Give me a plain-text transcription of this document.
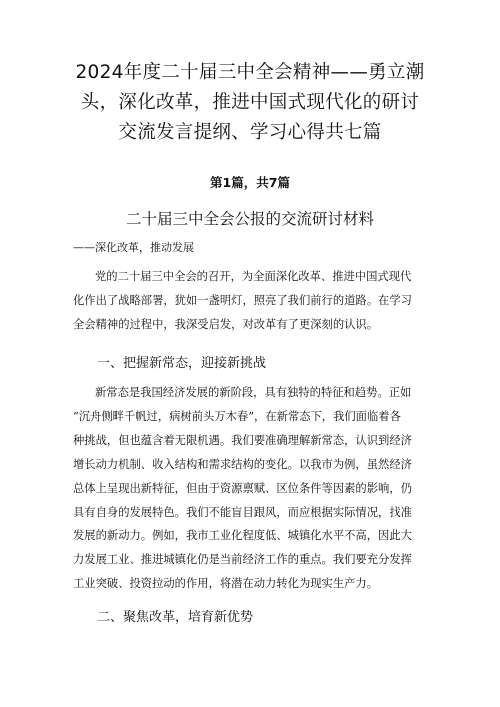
2024年度二十届三中全会精神——勇立潮
头，深化改革，推进中国式现代化的研讨
交流发言提纲、学习心得共七篇
第1篇，共7篇
二十届三中全会公报的交流研讨材料
——深化改革，推动发展
党的二十届三中全会的召开，为全面深化改革、推进中国式现代
化作出了战略部署，犹如一盏明灯，照亮了我们前行的道路。在学习
全会精神的过程中，我深受启发，对改革有了更深刻的认识。
一、把握新常态，迎接新挑战
新常态是我国经济发展的新阶段，具有独特的特征和趋势。正如
“沉舟侧畔千帆过，病树前头万木春”，在新常态下，我们面临着各
种挑战，但也蕴含着无限机遇。我们要准确理解新常态，认识到经济
增长动力机制、收入结构和需求结构的变化。以我市为例，虽然经济
总体上呈现出新特征，但由于资源禀赋、区位条件等因素的影响，仍
具有自身的发展特色。我们不能盲目跟风，而应根据实际情况，找准
发展的新动力。例如，我市工业化程度低、城镇化水平不高，因此大
力发展工业、推进城镇化仍是当前经济工作的重点。我们要充分发挥
工业突破、投资拉动的作用，将潜在动力转化为现实生产力。
二、聚焦改革，培育新优势
